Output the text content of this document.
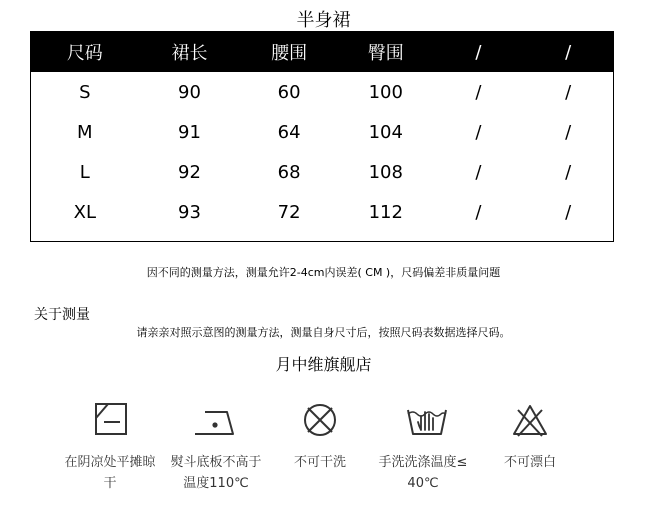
半身裙
尺码	裙长	腰围	臀围	/	/
S	90	60	100	/	/
M	91	64	104	/	/
L	92	68	108	/	/
XL	93	72	112	/	/
因不同的测量方法，测量允许2-4cm内误差( CM )，尺码偏差非质量问题
关于测量
请亲亲对照示意图的测量方法，测量自身尺寸后，按照尺码表数据选择尺码。
月中维旗舰店
在阴凉处平摊晾
干
熨斗底板不高于
温度110℃
不可干洗	手洗洗涤温度≤
40℃
不可漂白
